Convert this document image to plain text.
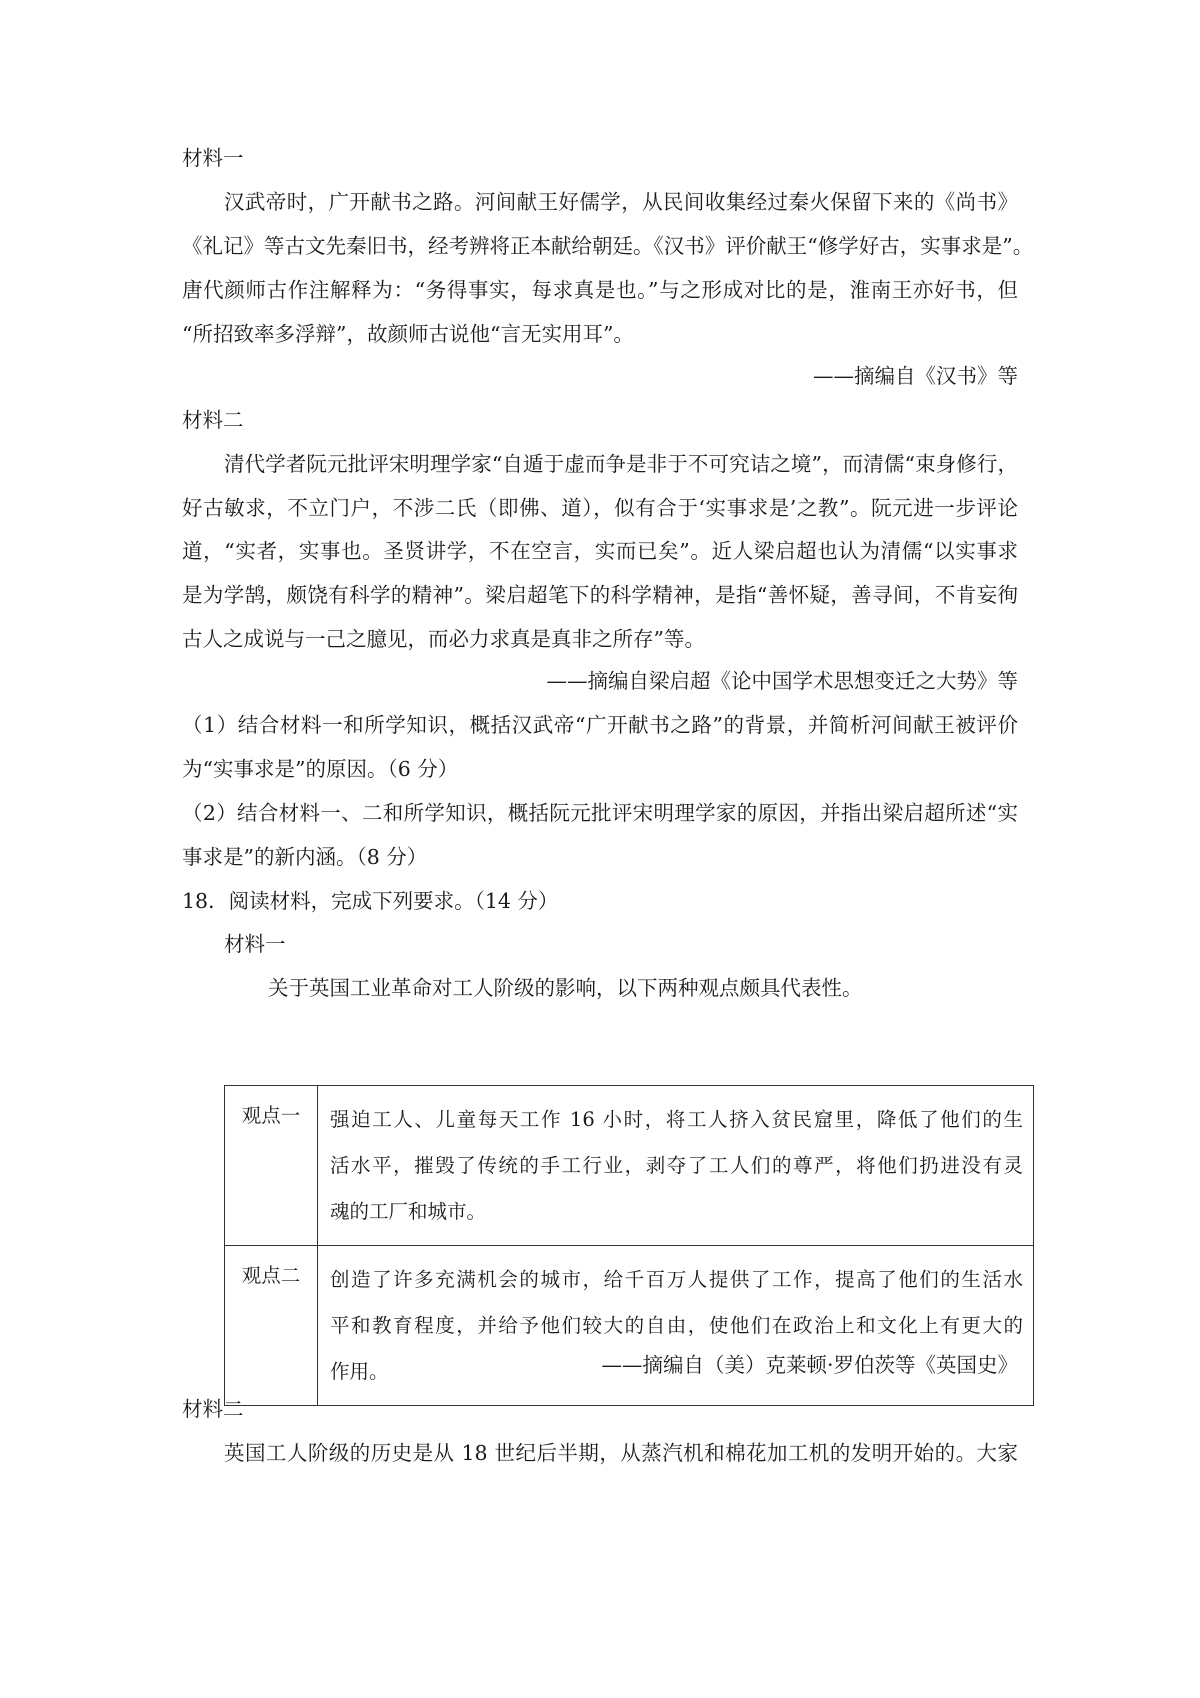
材料一
汉武帝时，广开献书之路。河间献王好儒学，从民间收集经过秦火保留下来的《尚书》
《礼记》等古文先秦旧书，经考辨将正本献给朝廷。《汉书》评价献王“修学好古，实事求是”。
唐代颜师古作注解释为：“务得事实，每求真是也。”与之形成对比的是，淮南王亦好书，但
“所招致率多浮辩”，故颜师古说他“言无实用耳”。
——摘编自《汉书》等
材料二
清代学者阮元批评宋明理学家“自遁于虚而争是非于不可究诘之境”，而清儒“束身修行，
好古敏求，不立门户，不涉二氏（即佛、道），似有合于‘实事求是’之教”。阮元进一步评论
道，“实者，实事也。圣贤讲学，不在空言，实而已矣”。近人梁启超也认为清儒“以实事求
是为学鹄，颇饶有科学的精神”。梁启超笔下的科学精神，是指“善怀疑，善寻间，不肯妄徇
古人之成说与一己之臆见，而必力求真是真非之所存”等。
——摘编自梁启超《论中国学术思想变迁之大势》等
（1）结合材料一和所学知识，概括汉武帝“广开献书之路”的背景，并简析河间献王被评价
为“实事求是”的原因。（6 分）
（2）结合材料一、二和所学知识，概括阮元批评宋明理学家的原因，并指出梁启超所述“实
事求是”的新内涵。（8 分）
18．阅读材料，完成下列要求。（14 分）
材料一
关于英国工业革命对工人阶级的影响，以下两种观点颇具代表性。
观点一	强迫工人、儿童每天工作 16 小时，将工人挤入贫民窟里，降低了他们的生
活水平，摧毁了传统的手工行业，剥夺了工人们的尊严，将他们扔进没有灵
魂的工厂和城市。

观点二	创造了许多充满机会的城市，给千百万人提供了工作，提高了他们的生活水
平和教育程度，并给予他们较大的自由，使他们在政治上和文化上有更大的
作用。	——摘编自（美）克莱顿·罗伯茨等《英国史》
材料二
英国工人阶级的历史是从 18 世纪后半期，从蒸汽机和棉花加工机的发明开始的。大家
